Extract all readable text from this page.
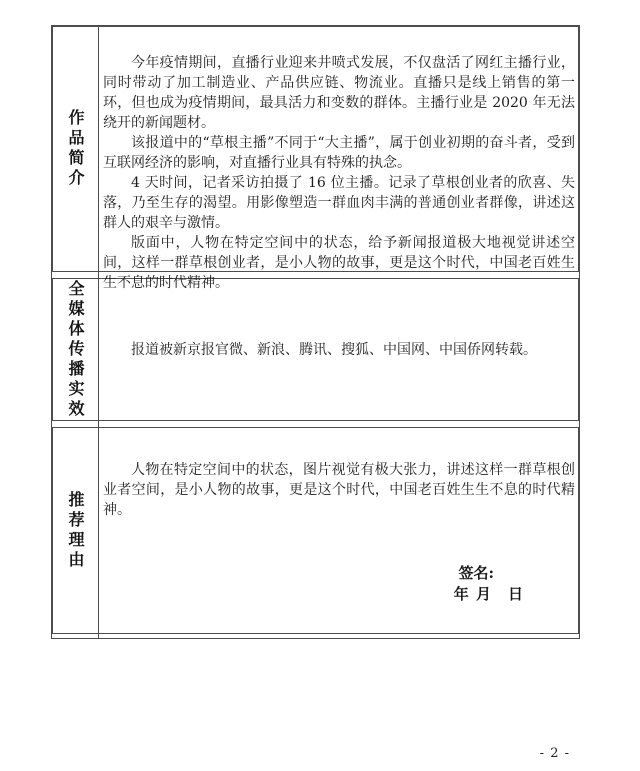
作品简介

今年疫情期间，直播行业迎来井喷式发展，不仅盘活了网红主播行业，同时带动了加工制造业、产品供应链、物流业。直播只是线上销售的第一环，但也成为疫情期间，最具活力和变数的群体。主播行业是 2020 年无法绕开的新闻题材。

该报道中的“草根主播”不同于“大主播”，属于创业初期的奋斗者，受到互联网经济的影响，对直播行业具有特殊的执念。

4 天时间，记者采访拍摄了 16 位主播。记录了草根创业者的欣喜、失落，乃至生存的渴望。用影像塑造一群血肉丰满的普通创业者群像，讲述这群人的艰辛与激情。

版面中，人物在特定空间中的状态，给予新闻报道极大地视觉讲述空间，这样一群草根创业者，是小人物的故事，更是这个时代，中国老百姓生生不息的时代精神。

全媒体传播实效	报道被新京报官微、新浪、腾讯、搜狐、中国网、中国侨网转载。

推荐理由

人物在特定空间中的状态，图片视觉有极大张力，讲述这样一群草根创业者空间，是小人物的故事，更是这个时代，中国老百姓生生不息的时代精神。

签名:
年 月　日
- 2 -
